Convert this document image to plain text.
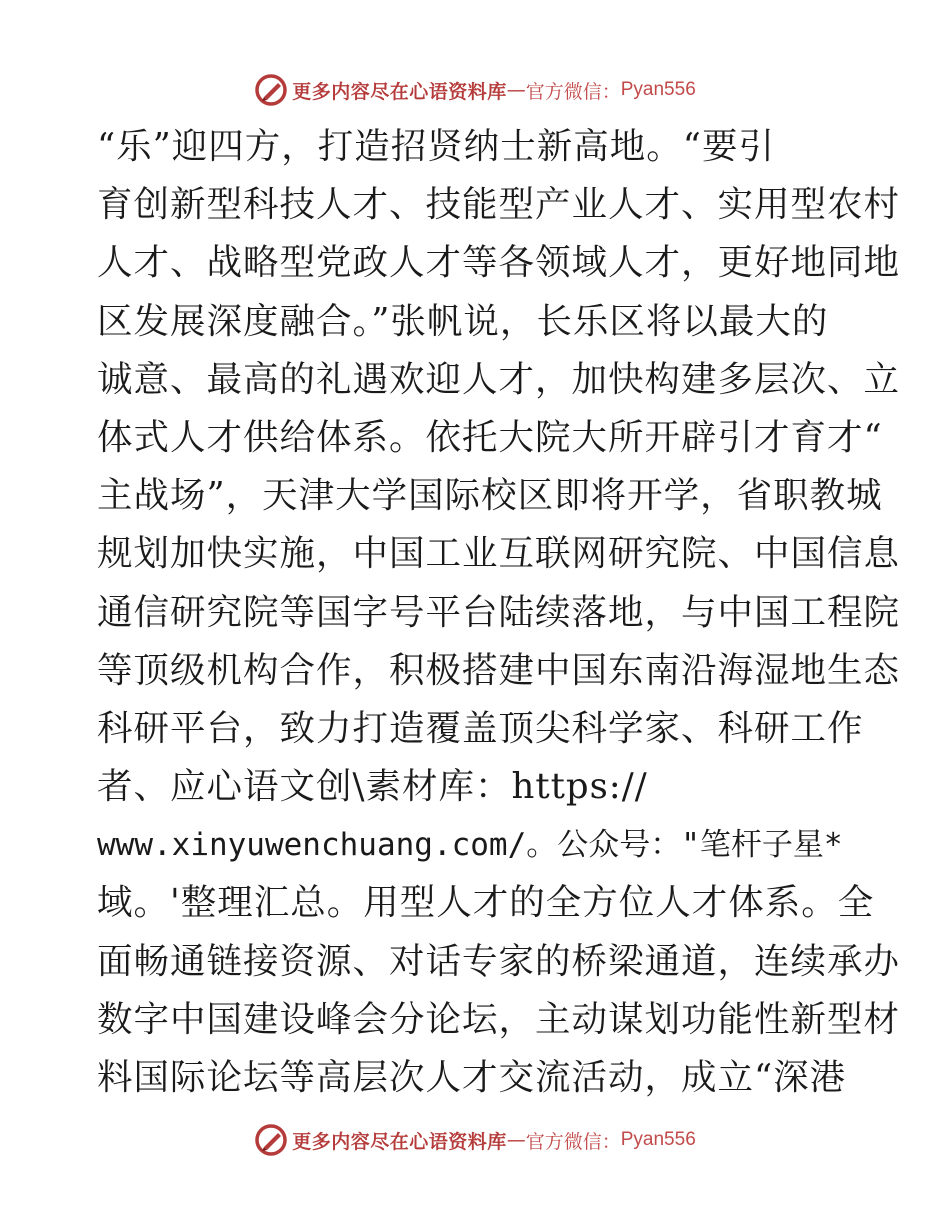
更多内容尽在心语资料库 — 官方微信： Pyan556
“乐”迎四方，打造招贤纳士新高地。“要引
育创新型科技人才、技能型产业人才、实用型农村
人才、战略型党政人才等各领域人才，更好地同地
区发展深度融合。”张帆说，长乐区将以最大的
诚意、最高的礼遇欢迎人才，加快构建多层次、立
体式人才供给体系。依托大院大所开辟引才育才“
主战场”，天津大学国际校区即将开学，省职教城
规划加快实施，中国工业互联网研究院、中国信息
通信研究院等国字号平台陆续落地，与中国工程院
等顶级机构合作，积极搭建中国东南沿海湿地生态
科研平台，致力打造覆盖顶尖科学家、科研工作
者、应心语文创\素材库：https://
www.xinyuwenchuang.com/。公众号："笔杆子星*
域。'整理汇总。用型人才的全方位人才体系。全
面畅通链接资源、对话专家的桥梁通道，连续承办
数字中国建设峰会分论坛，主动谋划功能性新型材
料国际论坛等高层次人才交流活动，成立“深港
更多内容尽在心语资料库 — 官方微信： Pyan556
